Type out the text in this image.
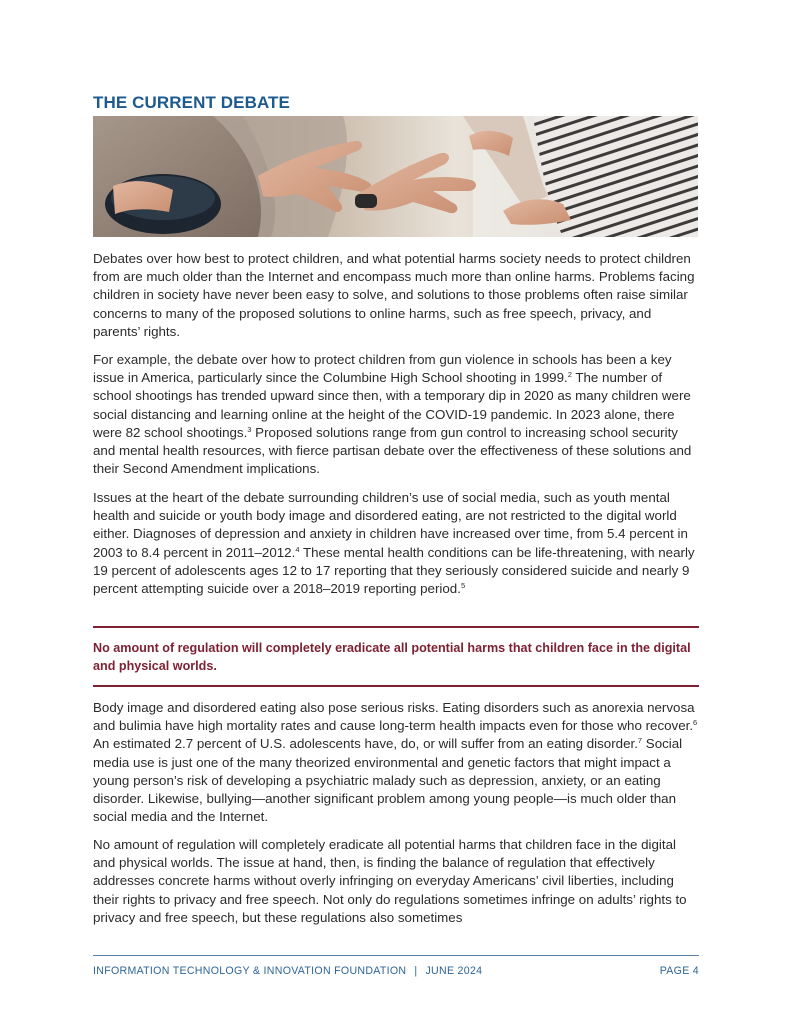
THE CURRENT DEBATE

Debates over how best to protect children, and what potential harms society needs to protect children from are much older than the Internet and encompass much more than online harms. Problems facing children in society have never been easy to solve, and solutions to those problems often raise similar concerns to many of the proposed solutions to online harms, such as free speech, privacy, and parents’ rights.

For example, the debate over how to protect children from gun violence in schools has been a key issue in America, particularly since the Columbine High School shooting in 1999.$^2$ The number of school shootings has trended upward since then, with a temporary dip in 2020 as many children were social distancing and learning online at the height of the COVID-19 pandemic. In 2023 alone, there were 82 school shootings.$^3$ Proposed solutions range from gun control to increasing school security and mental health resources, with fierce partisan debate over the effectiveness of these solutions and their Second Amendment implications.

Issues at the heart of the debate surrounding children’s use of social media, such as youth mental health and suicide or youth body image and disordered eating, are not restricted to the digital world either. Diagnoses of depression and anxiety in children have increased over time, from 5.4 percent in 2003 to 8.4 percent in 2011–2012.$^4$ These mental health conditions can be life-threatening, with nearly 19 percent of adolescents ages 12 to 17 reporting that they seriously considered suicide and nearly 9 percent attempting suicide over a 2018–2019 reporting period.$^5$

No amount of regulation will completely eradicate all potential harms that children face in the digital and physical worlds.

Body image and disordered eating also pose serious risks. Eating disorders such as anorexia nervosa and bulimia have high mortality rates and cause long-term health impacts even for those who recover.$^6$ An estimated 2.7 percent of U.S. adolescents have, do, or will suffer from an eating disorder.$^7$ Social media use is just one of the many theorized environmental and genetic factors that might impact a young person’s risk of developing a psychiatric malady such as depression, anxiety, or an eating disorder. Likewise, bullying—another significant problem among young people—is much older than social media and the Internet.

No amount of regulation will completely eradicate all potential harms that children face in the digital and physical worlds. The issue at hand, then, is finding the balance of regulation that effectively addresses concrete harms without overly infringing on everyday Americans’ civil liberties, including their rights to privacy and free speech. Not only do regulations sometimes infringe on adults’ rights to privacy and free speech, but these regulations also sometimes

INFORMATION TECHNOLOGY & INNOVATION FOUNDATION | JUNE 2024	PAGE 4
